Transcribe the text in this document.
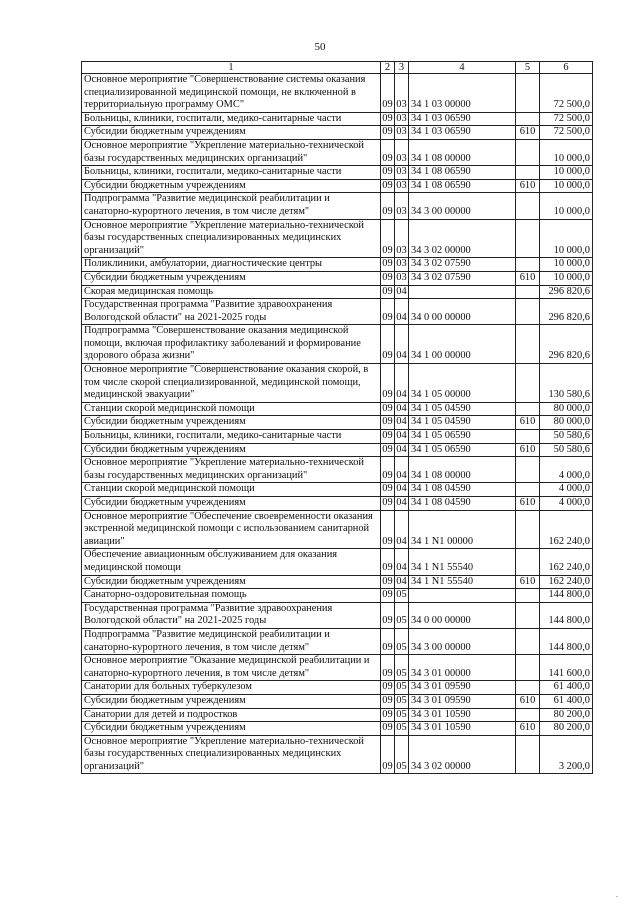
50
1	2	3	4	5	6
Основное мероприятие "Совершенствование системы оказания специализированной медицинской помощи, не включенной в территориальную программу ОМС"	09	03	34 1 03 00000		72 500,0
Больницы, клиники, госпитали, медико-санитарные части	09	03	34 1 03 06590		72 500,0
Субсидии бюджетным учреждениям	09	03	34 1 03 06590	610	72 500,0
Основное мероприятие "Укрепление материально-технической базы государственных медицинских организаций"	09	03	34 1 08 00000		10 000,0
Больницы, клиники, госпитали, медико-санитарные части	09	03	34 1 08 06590		10 000,0
Субсидии бюджетным учреждениям	09	03	34 1 08 06590	610	10 000,0
Подпрограмма "Развитие медицинской реабилитации и санаторно-курортного лечения, в том числе детям"	09	03	34 3 00 00000		10 000,0
Основное мероприятие "Укрепление материально-технической базы государственных специализированных медицинских организаций"	09	03	34 3 02 00000		10 000,0
Поликлиники, амбулатории, диагностические центры	09	03	34 3 02 07590		10 000,0
Субсидии бюджетным учреждениям	09	03	34 3 02 07590	610	10 000,0
Скорая медицинская помощь	09	04			296 820,6
Государственная программа "Развитие здравоохранения Вологодской области" на 2021-2025 годы	09	04	34 0 00 00000		296 820,6
Подпрограмма "Совершенствование оказания медицинской помощи, включая профилактику заболеваний и формирование здорового образа жизни"	09	04	34 1 00 00000		296 820,6
Основное мероприятие "Совершенствование оказания скорой, в том числе скорой специализированной, медицинской помощи, медицинской эвакуации"	09	04	34 1 05 00000		130 580,6
Станции скорой медицинской помощи	09	04	34 1 05 04590		80 000,0
Субсидии бюджетным учреждениям	09	04	34 1 05 04590	610	80 000,0
Больницы, клиники, госпитали, медико-санитарные части	09	04	34 1 05 06590		50 580,6
Субсидии бюджетным учреждениям	09	04	34 1 05 06590	610	50 580,6
Основное мероприятие "Укрепление материально-технической базы государственных медицинских организаций"	09	04	34 1 08 00000		4 000,0
Станции скорой медицинской помощи	09	04	34 1 08 04590		4 000,0
Субсидии бюджетным учреждениям	09	04	34 1 08 04590	610	4 000,0
Основное мероприятие "Обеспечение своевременности оказания экстренной медицинской помощи с использованием санитарной авиации"	09	04	34 1 N1 00000		162 240,0
Обеспечение авиационным обслуживанием для оказания медицинской помощи	09	04	34 1 N1 55540		162 240,0
Субсидии бюджетным учреждениям	09	04	34 1 N1 55540	610	162 240,0
Санаторно-оздоровительная помощь	09	05			144 800,0
Государственная программа "Развитие здравоохранения Вологодской области" на 2021-2025 годы	09	05	34 0 00 00000		144 800,0
Подпрограмма "Развитие медицинской реабилитации и санаторно-курортного лечения, в том числе детям"	09	05	34 3 00 00000		144 800,0
Основное мероприятие "Оказание медицинской реабилитации и санаторно-курортного лечения, в том числе детям"	09	05	34 3 01 00000		141 600,0
Санатории для больных туберкулезом	09	05	34 3 01 09590		61 400,0
Субсидии бюджетным учреждениям	09	05	34 3 01 09590	610	61 400,0
Санатории для детей и подростков	09	05	34 3 01 10590		80 200,0
Субсидии бюджетным учреждениям	09	05	34 3 01 10590	610	80 200,0
Основное мероприятие "Укрепление материально-технической базы государственных специализированных медицинских организаций"	09	05	34 3 02 00000		3 200,0
.
